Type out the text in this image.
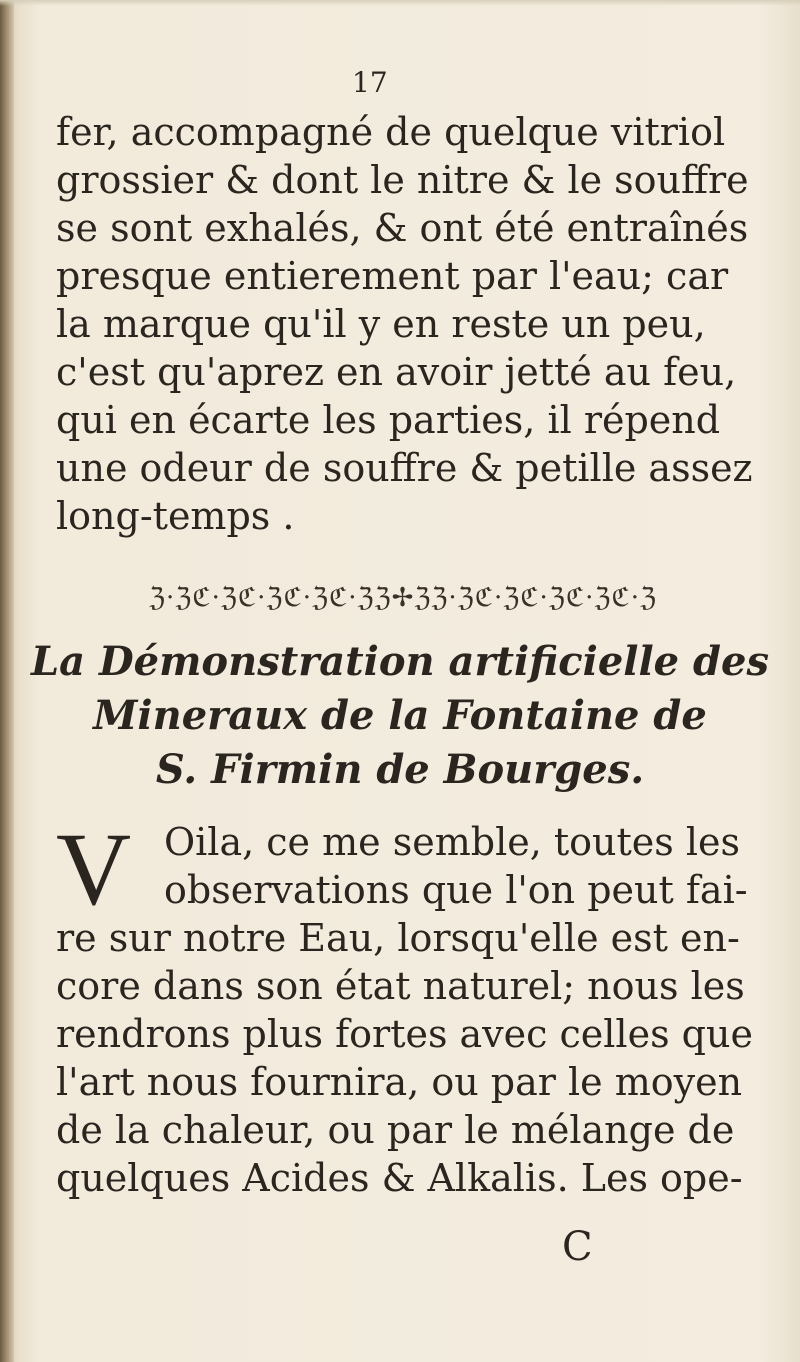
17
fer, accompagné de quelque vitriol
grossier & dont le nitre & le souffre
se sont exhalés, & ont été entraînés
presque entierement par l'eau; car
la marque qu'il y en reste un peu,
c'est qu'aprez en avoir jetté au feu,
qui en écarte les parties, il répend
une odeur de souffre & petille assez
long-temps .
ℨ·ℨℭ·ℨℭ·ℨℭ·ℨℭ·ℨℨ✢ℨℨ·ℨℭ·ℨℭ·ℨℭ·ℨℭ·ℨ
La Démonstration artificielle des
Mineraux de la Fontaine de
S. Firmin de Bourges.
V Oila, ce me semble, toutes les
observations que l'on peut fai-
re sur notre Eau, lorsqu'elle est en-
core dans son état naturel; nous les
rendrons plus fortes avec celles que
l'art nous fournira, ou par le moyen
de la chaleur, ou par le mélange de
quelques Acides & Alkalis. Les ope-
C
